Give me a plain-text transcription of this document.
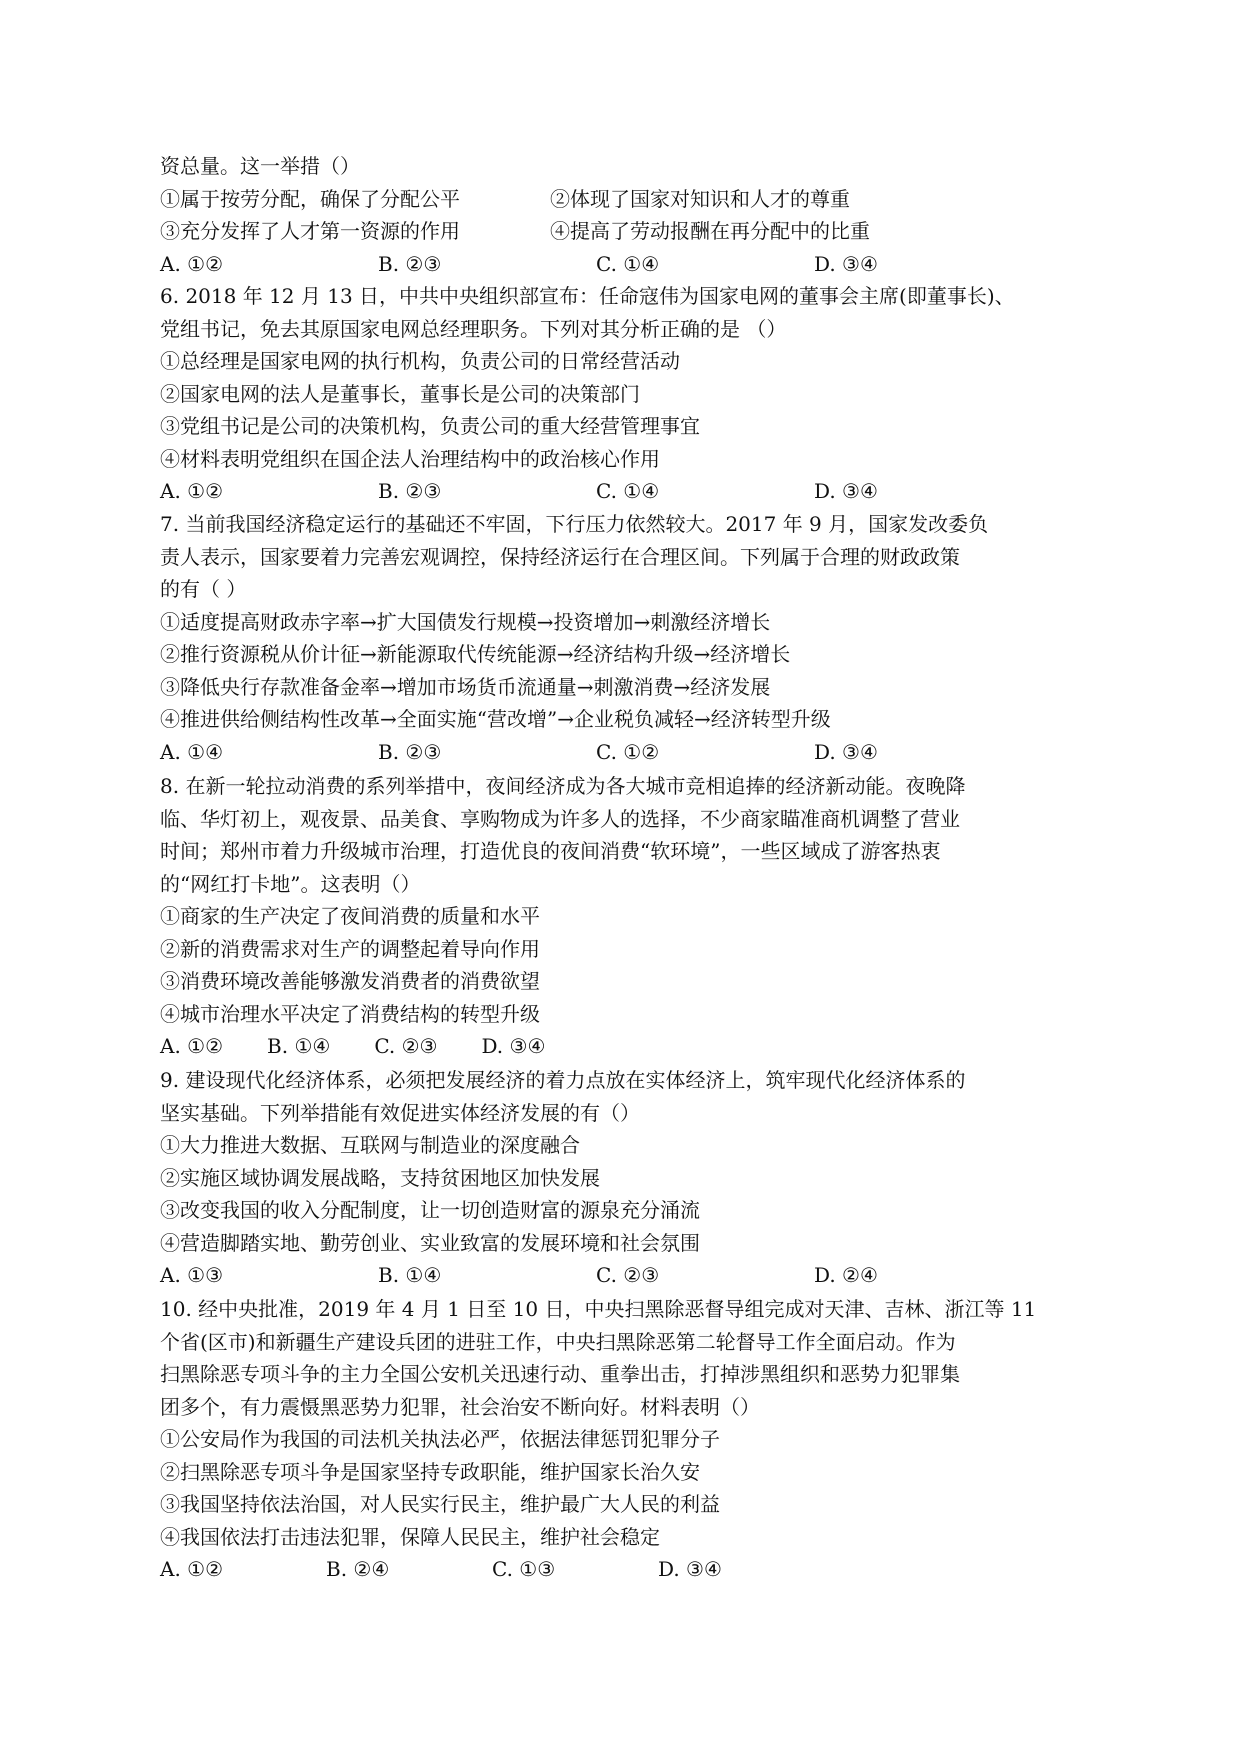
资总量。这一举措（）
①属于按劳分配，确保了分配公平	②体现了国家对知识和人才的尊重
③充分发挥了人才第一资源的作用	④提高了劳动报酬在再分配中的比重
A. ①②	B. ②③	C. ①④	D. ③④
6. 2018 年 12 月 13 日，中共中央组织部宣布：任命寇伟为国家电网的董事会主席(即董事长)、
党组书记，免去其原国家电网总经理职务。下列对其分析正确的是 （）
①总经理是国家电网的执行机构，负责公司的日常经营活动
②国家电网的法人是董事长，董事长是公司的决策部门
③党组书记是公司的决策机构，负责公司的重大经营管理事宜
④材料表明党组织在国企法人治理结构中的政治核心作用
A. ①②	B. ②③	C. ①④	D. ③④
7. 当前我国经济稳定运行的基础还不牢固，下行压力依然较大。2017 年 9 月，国家发改委负
责人表示，国家要着力完善宏观调控，保持经济运行在合理区间。下列属于合理的财政政策
的有（ ）
①适度提高财政赤字率→扩大国债发行规模→投资增加→刺激经济增长
②推行资源税从价计征→新能源取代传统能源→经济结构升级→经济增长
③降低央行存款准备金率→增加市场货币流通量→刺激消费→经济发展
④推进供给侧结构性改革→全面实施“营改增”→企业税负减轻→经济转型升级
A. ①④	B. ②③	C. ①②	D. ③④
8. 在新一轮拉动消费的系列举措中，夜间经济成为各大城市竞相追捧的经济新动能。夜晚降
临、华灯初上，观夜景、品美食、享购物成为许多人的选择，不少商家瞄准商机调整了营业
时间；郑州市着力升级城市治理，打造优良的夜间消费“软环境”，一些区域成了游客热衷
的“网红打卡地”。这表明（）
①商家的生产决定了夜间消费的质量和水平
②新的消费需求对生产的调整起着导向作用
③消费环境改善能够激发消费者的消费欲望
④城市治理水平决定了消费结构的转型升级
A. ①② B. ①④ C. ②③ D. ③④
9. 建设现代化经济体系，必须把发展经济的着力点放在实体经济上，筑牢现代化经济体系的
坚实基础。下列举措能有效促进实体经济发展的有（）
①大力推进大数据、互联网与制造业的深度融合
②实施区域协调发展战略，支持贫困地区加快发展
③改变我国的收入分配制度，让一切创造财富的源泉充分涌流
④营造脚踏实地、勤劳创业、实业致富的发展环境和社会氛围
A. ①③	B. ①④	C. ②③	D. ②④
10. 经中央批准，2019 年 4 月 1 日至 10 日，中央扫黑除恶督导组完成对天津、吉林、浙江等 11
个省(区市)和新疆生产建设兵团的进驻工作，中央扫黑除恶第二轮督导工作全面启动。作为
扫黑除恶专项斗争的主力全国公安机关迅速行动、重拳出击，打掉涉黑组织和恶势力犯罪集
团多个，有力震慑黑恶势力犯罪，社会治安不断向好。材料表明（）
①公安局作为我国的司法机关执法必严，依据法律惩罚犯罪分子
②扫黑除恶专项斗争是国家坚持专政职能，维护国家长治久安
③我国坚持依法治国，对人民实行民主，维护最广大人民的利益
④我国依法打击违法犯罪，保障人民民主，维护社会稳定
A. ①②	B. ②④	C. ①③	D. ③④
